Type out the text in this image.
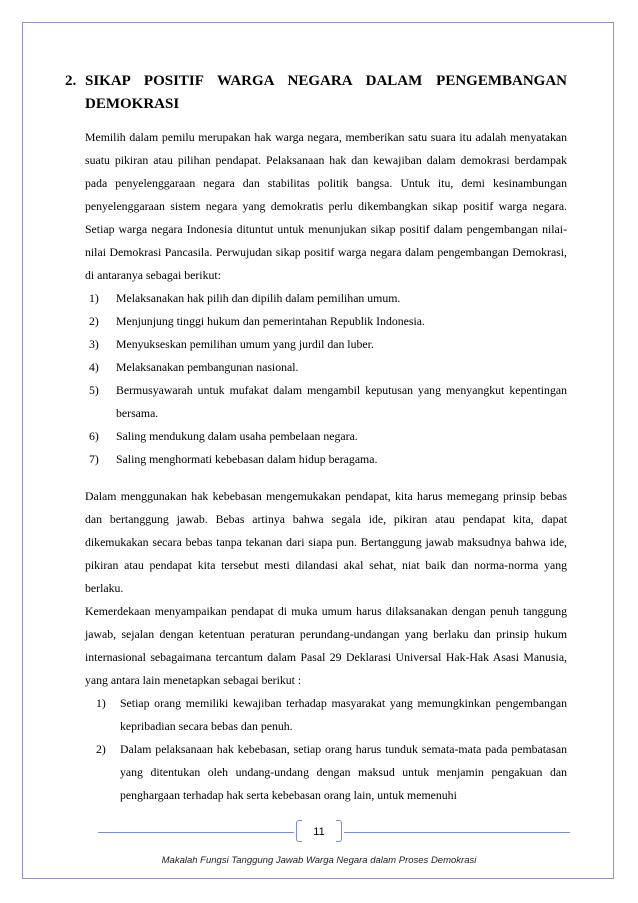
2. SIKAP POSITIF WARGA NEGARA DALAM PENGEMBANGAN DEMOKRASI

Memilih dalam pemilu merupakan hak warga negara, memberikan satu suara itu adalah menyatakan suatu pikiran atau pilihan pendapat. Pelaksanaan hak dan kewajiban dalam demokrasi berdampak pada penyelenggaraan negara dan stabilitas politik bangsa. Untuk itu, demi kesinambungan penyelenggaraan sistem negara yang demokratis perlu dikembangkan sikap positif warga negara. Setiap warga negara Indonesia dituntut untuk menunjukan sikap positif dalam pengembangan nilai-nilai Demokrasi Pancasila. Perwujudan sikap positif warga negara dalam pengembangan Demokrasi, di antaranya sebagai berikut:

1)	Melaksanakan hak pilih dan dipilih dalam pemilihan umum.
2)	Menjunjung tinggi hukum dan pemerintahan Republik Indonesia.
3)	Menyukseskan pemilihan umum yang jurdil dan luber.
4)	Melaksanakan pembangunan nasional.
5)	Bermusyawarah untuk mufakat dalam mengambil keputusan yang menyangkut kepentingan bersama.
6)	Saling mendukung dalam usaha pembelaan negara.
7)	Saling menghormati kebebasan dalam hidup beragama.

Dalam menggunakan hak kebebasan mengemukakan pendapat, kita harus memegang prinsip bebas dan bertanggung jawab. Bebas artinya bahwa segala ide, pikiran atau pendapat kita, dapat dikemukakan secara bebas tanpa tekanan dari siapa pun. Bertanggung jawab maksudnya bahwa ide, pikiran atau pendapat kita tersebut mesti dilandasi akal sehat, niat baik dan norma-norma yang berlaku.

Kemerdekaan menyampaikan pendapat di muka umum harus dilaksanakan dengan penuh tanggung jawab, sejalan dengan ketentuan peraturan perundang-undangan yang berlaku dan prinsip hukum internasional sebagaimana tercantum dalam Pasal 29 Deklarasi Universal Hak-Hak Asasi Manusia, yang antara lain menetapkan sebagai berikut :

1)	Setiap orang memiliki kewajiban terhadap masyarakat yang memungkinkan pengembangan kepribadian secara bebas dan penuh.
2)	Dalam pelaksanaan hak kebebasan, setiap orang harus tunduk semata-mata pada pembatasan yang ditentukan oleh undang-undang dengan maksud untuk menjamin pengakuan dan penghargaan terhadap hak serta kebebasan orang lain, untuk memenuhi
11
Makalah Fungsi Tanggung Jawab Warga Negara dalam Proses Demokrasi
